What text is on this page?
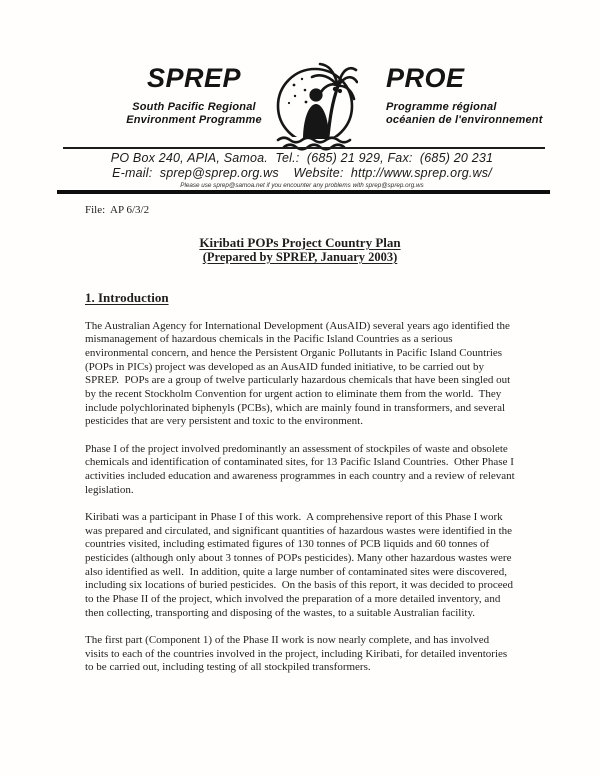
SPREP
South Pacific Regional
Environment Programme
PROE
Programme régional
océanien de l'environnement
PO Box 240, APIA, Samoa.  Tel.:  (685) 21 929, Fax:  (685) 20 231
E-mail:  sprep@sprep.org.ws    Website:  http://www.sprep.org.ws/
Please use sprep@samoa.net if you encounter any problems with sprep@sprep.org.ws
File:  AP 6/3/2
Kiribati POPs Project Country Plan
(Prepared by SPREP, January 2003)
1. Introduction

The Australian Agency for International Development (AusAID) several years ago identified the mismanagement of hazardous chemicals in the Pacific Island Countries as a serious environmental concern, and hence the Persistent Organic Pollutants in Pacific Island Countries (POPs in PICs) project was developed as an AusAID funded initiative, to be carried out by SPREP.  POPs are a group of twelve particularly hazardous chemicals that have been singled out by the recent Stockholm Convention for urgent action to eliminate them from the world.  They include polychlorinated biphenyls (PCBs), which are mainly found in transformers, and several pesticides that are very persistent and toxic to the environment.

Phase I of the project involved predominantly an assessment of stockpiles of waste and obsolete chemicals and identification of contaminated sites, for 13 Pacific Island Countries.  Other Phase I activities included education and awareness programmes in each country and a review of relevant legislation.

Kiribati was a participant in Phase I of this work.  A comprehensive report of this Phase I work was prepared and circulated, and significant quantities of hazardous wastes were identified in the countries visited, including estimated figures of 130 tonnes of PCB liquids and 60 tonnes of pesticides (although only about 3 tonnes of POPs pesticides). Many other hazardous wastes were also identified as well.  In addition, quite a large number of contaminated sites were discovered, including six locations of buried pesticides.  On the basis of this report, it was decided to proceed to the Phase II of the project, which involved the preparation of a more detailed inventory, and then collecting, transporting and disposing of the wastes, to a suitable Australian facility.

The first part (Component 1) of the Phase II work is now nearly complete, and has involved visits to each of the countries involved in the project, including Kiribati, for detailed inventories to be carried out, including testing of all stockpiled transformers.
